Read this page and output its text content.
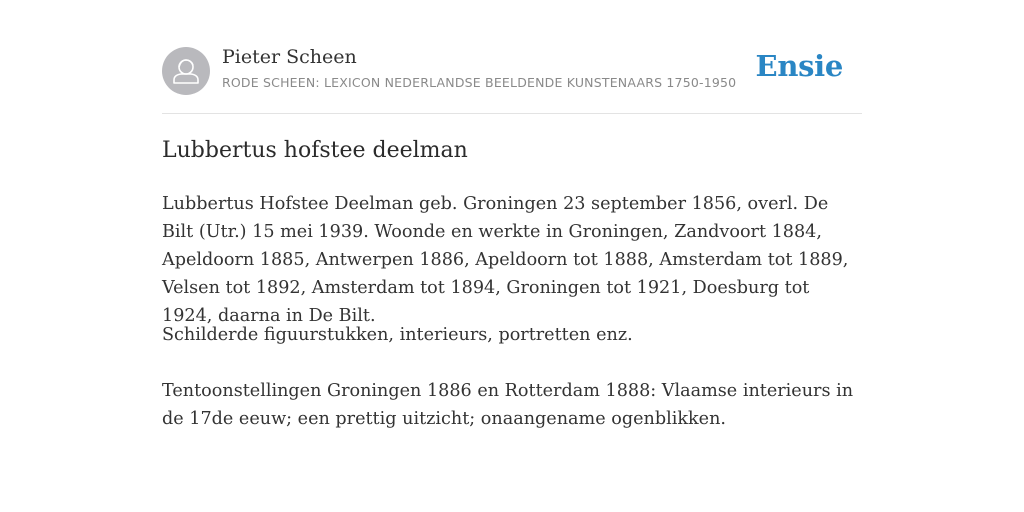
Pieter Scheen
RODE SCHEEN: LEXICON NEDERLANDSE BEELDENDE KUNSTENAARS 1750-1950 Ensie
Lubbertus hofstee deelman

Lubbertus Hofstee Deelman geb. Groningen 23 september 1856, overl. De Bilt (Utr.) 15 mei 1939. Woonde en werkte in Groningen, Zandvoort 1884, Apeldoorn 1885, Antwerpen 1886, Apeldoorn tot 1888, Amsterdam tot 1889, Velsen tot 1892, Amsterdam tot 1894, Groningen tot 1921, Doesburg tot 1924, daarna in De Bilt.

Schilderde figuurstukken, interieurs, portretten enz.

Tentoonstellingen Groningen 1886 en Rotterdam 1888: Vlaamse interieurs in de 17de eeuw; een prettig uitzicht; onaangename ogenblikken.
